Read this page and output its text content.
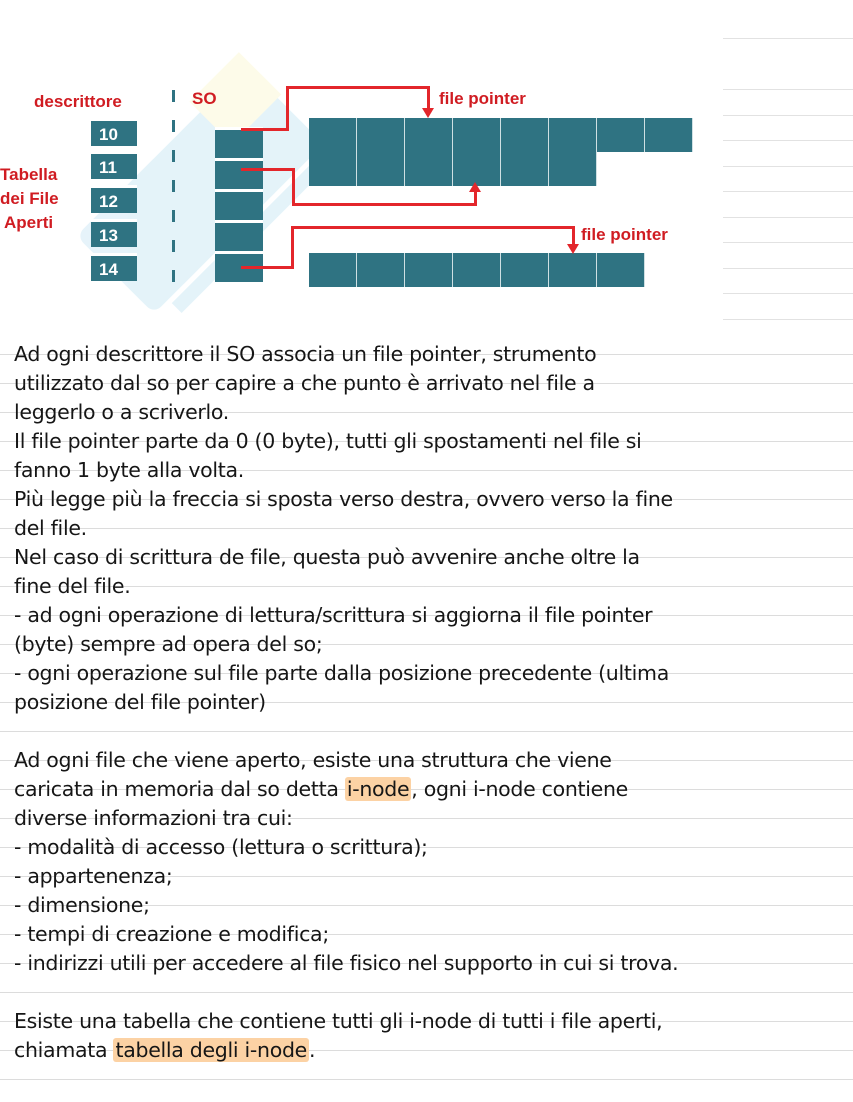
descrittore	SO
Tabella
dei File
Aperti
file pointer
file pointer
10
11
12
13
14
Ad ogni descrittore il SO associa un file pointer, strumento
utilizzato dal so per capire a che punto è arrivato nel file a
leggerlo o a scriverlo.
Il file pointer parte da 0 (0 byte), tutti gli spostamenti nel file si
fanno 1 byte alla volta.
Più legge più la freccia si sposta verso destra, ovvero verso la fine
del file.
Nel caso di scrittura de file, questa può avvenire anche oltre la
fine del file.
- ad ogni operazione di lettura/scrittura si aggiorna il file pointer
(byte) sempre ad opera del so;
- ogni operazione sul file parte dalla posizione precedente (ultima
posizione del file pointer)
Ad ogni file che viene aperto, esiste una struttura che viene
caricata in memoria dal so detta i-node, ogni i-node contiene
diverse informazioni tra cui:
- modalità di accesso (lettura o scrittura);
- appartenenza;
- dimensione;
- tempi di creazione e modifica;
- indirizzi utili per accedere al file fisico nel supporto in cui si trova.
Esiste una tabella che contiene tutti gli i-node di tutti i file aperti,
chiamata tabella degli i-node.
